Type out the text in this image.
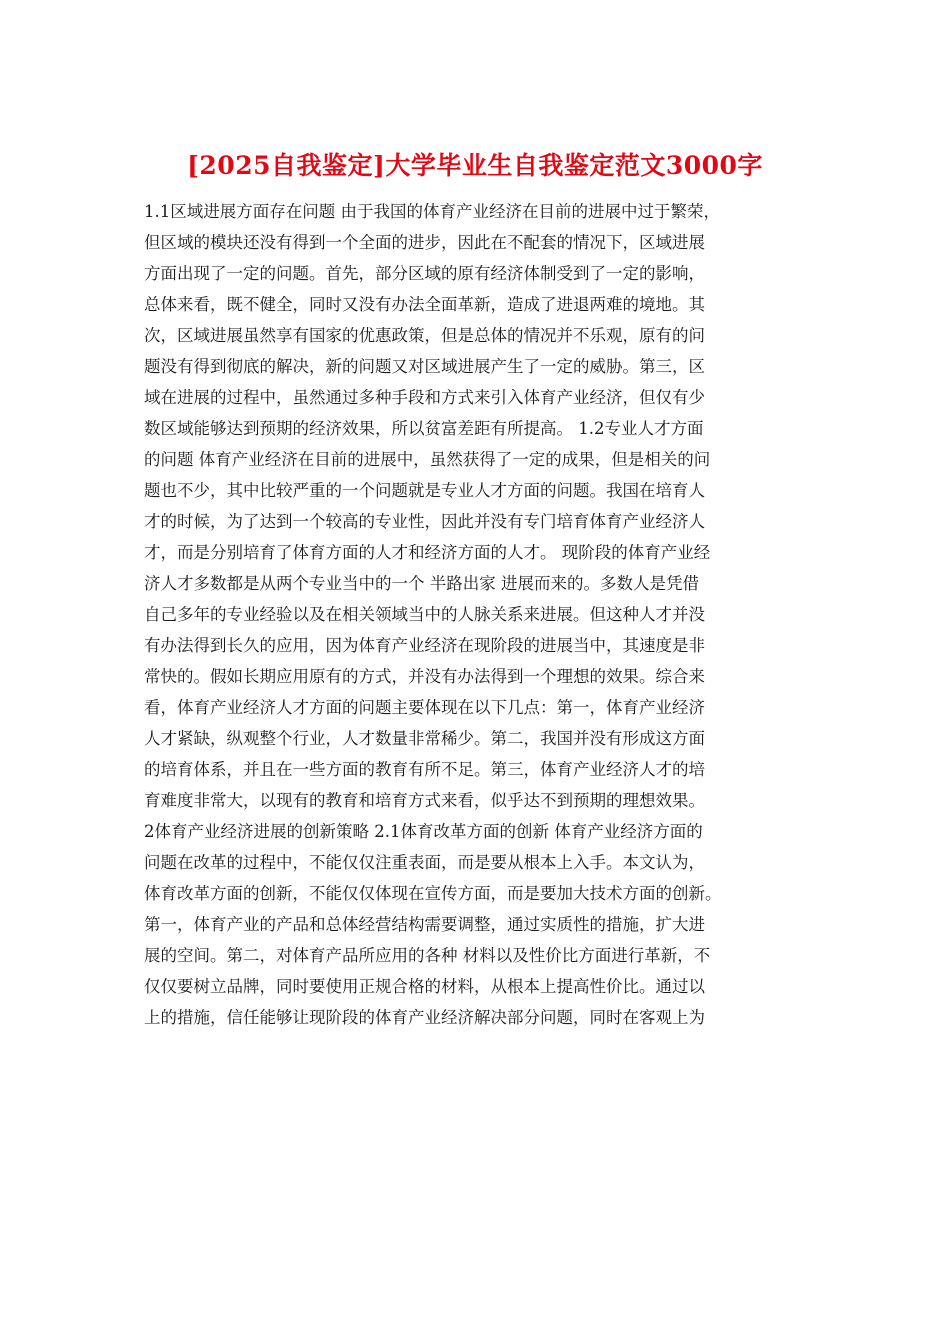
[2025自我鉴定]大学毕业生自我鉴定范文3000字
1.1区域进展方面存在问题 由于我国的体育产业经济在目前的进展中过于繁荣，
但区域的模块还没有得到一个全面的进步，因此在不配套的情况下，区域进展
方面出现了一定的问题。首先，部分区域的原有经济体制受到了一定的影响，
总体来看，既不健全，同时又没有办法全面革新，造成了进退两难的境地。其
次，区域进展虽然享有国家的优惠政策，但是总体的情况并不乐观，原有的问
题没有得到彻底的解决，新的问题又对区域进展产生了一定的威胁。第三，区
域在进展的过程中，虽然通过多种手段和方式来引入体育产业经济，但仅有少
数区域能够达到预期的经济效果，所以贫富差距有所提高。 1.2专业人才方面
的问题 体育产业经济在目前的进展中，虽然获得了一定的成果，但是相关的问
题也不少，其中比较严重的一个问题就是专业人才方面的问题。我国在培育人
才的时候，为了达到一个较高的专业性，因此并没有专门培育体育产业经济人
才，而是分别培育了体育方面的人才和经济方面的人才。 现阶段的体育产业经
济人才多数都是从两个专业当中的一个 半路出家 进展而来的。多数人是凭借
自己多年的专业经验以及在相关领域当中的人脉关系来进展。但这种人才并没
有办法得到长久的应用，因为体育产业经济在现阶段的进展当中，其速度是非
常快的。假如长期应用原有的方式，并没有办法得到一个理想的效果。综合来
看，体育产业经济人才方面的问题主要体现在以下几点：第一，体育产业经济
人才紧缺，纵观整个行业，人才数量非常稀少。第二，我国并没有形成这方面
的培育体系，并且在一些方面的教育有所不足。第三，体育产业经济人才的培
育难度非常大，以现有的教育和培育方式来看，似乎达不到预期的理想效果。
2体育产业经济进展的创新策略 2.1体育改革方面的创新 体育产业经济方面的
问题在改革的过程中，不能仅仅注重表面，而是要从根本上入手。本文认为，
体育改革方面的创新，不能仅仅体现在宣传方面，而是要加大技术方面的创新。
第一，体育产业的产品和总体经营结构需要调整，通过实质性的措施，扩大进
展的空间。第二，对体育产品所应用的各种 材料以及性价比方面进行革新，不
仅仅要树立品牌，同时要使用正规合格的材料，从根本上提高性价比。通过以
上的措施，信任能够让现阶段的体育产业经济解决部分问题，同时在客观上为
